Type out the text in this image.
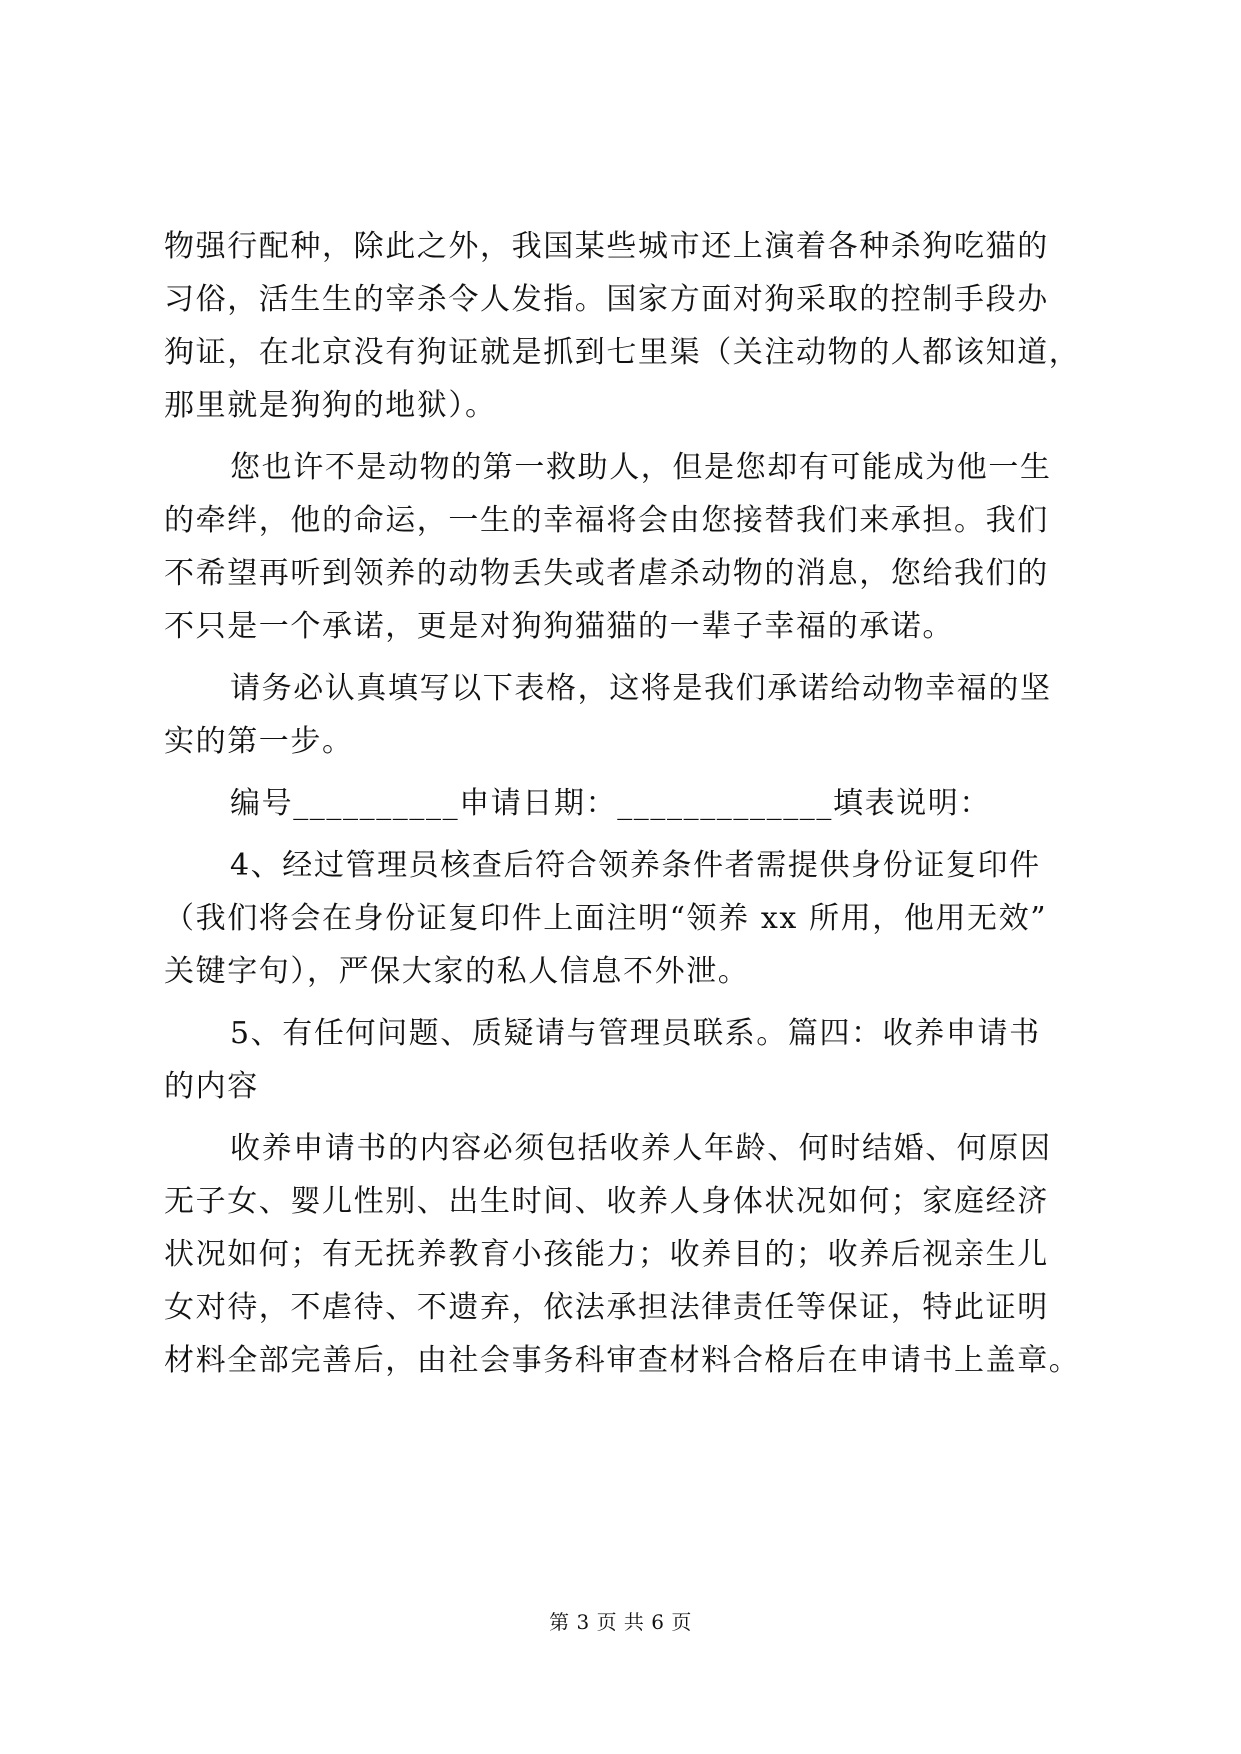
物强行配种，除此之外，我国某些城市还上演着各种杀狗吃猫的
习俗，活生生的宰杀令人发指。国家方面对狗采取的控制手段办
狗证，在北京没有狗证就是抓到七里渠（关注动物的人都该知道，
那里就是狗狗的地狱）。
您也许不是动物的第一救助人，但是您却有可能成为他一生
的牵绊，他的命运，一生的幸福将会由您接替我们来承担。我们
不希望再听到领养的动物丢失或者虐杀动物的消息，您给我们的
不只是一个承诺，更是对狗狗猫猫的一辈子幸福的承诺。
请务必认真填写以下表格，这将是我们承诺给动物幸福的坚
实的第一步。
编号__________申请日期：_____________填表说明：
4、经过管理员核查后符合领养条件者需提供身份证复印件
（我们将会在身份证复印件上面注明“领养 xx 所用，他用无效”
关键字句），严保大家的私人信息不外泄。
5、有任何问题、质疑请与管理员联系。篇四：收养申请书
的内容
收养申请书的内容必须包括收养人年龄、何时结婚、何原因
无子女、婴儿性别、出生时间、收养人身体状况如何；家庭经济
状况如何；有无抚养教育小孩能力；收养目的；收养后视亲生儿
女对待，不虐待、不遗弃，依法承担法律责任等保证，特此证明
材料全部完善后，由社会事务科审查材料合格后在申请书上盖章。
第 3 页 共 6 页
